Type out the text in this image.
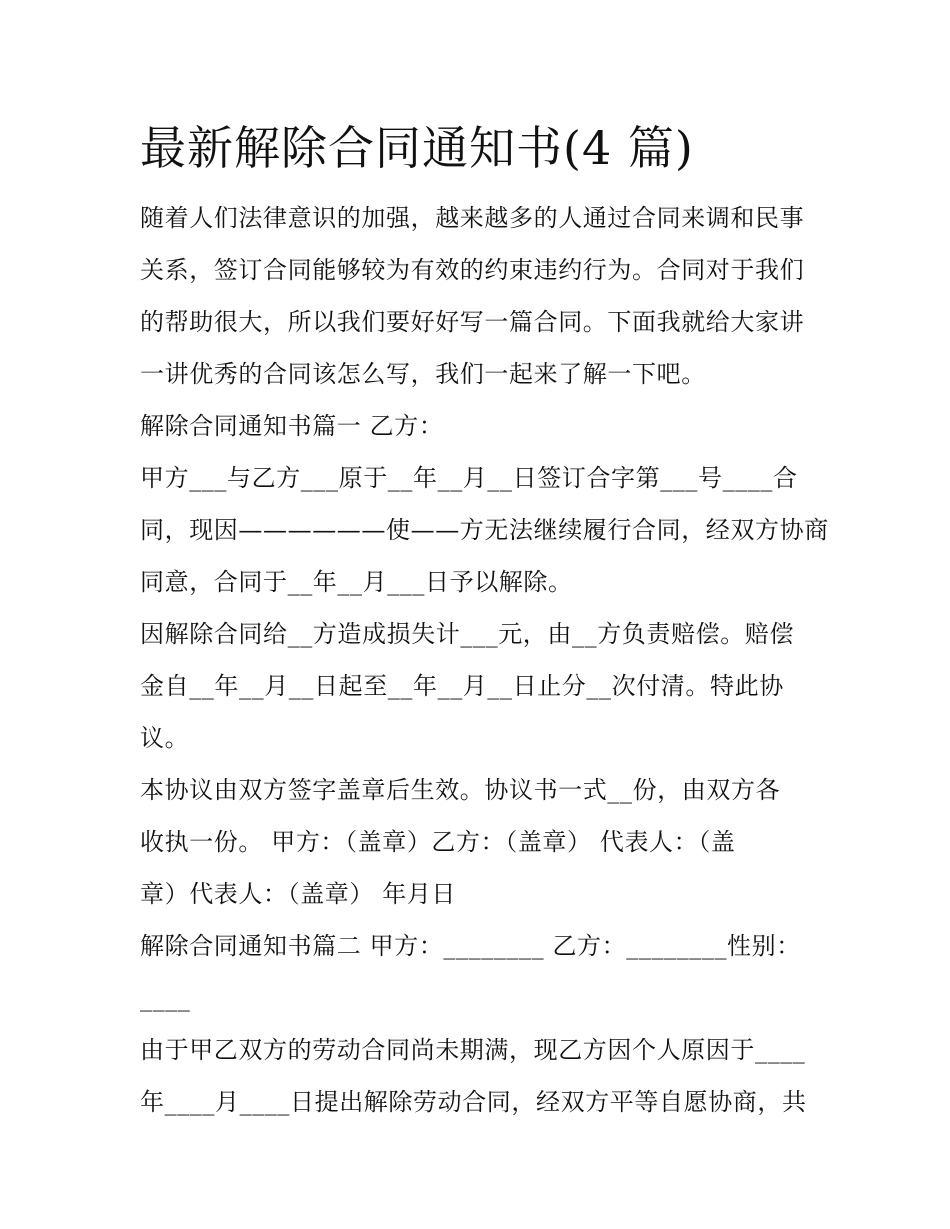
最新解除合同通知书(4 篇)
随着人们法律意识的加强，越来越多的人通过合同来调和民事
关系，签订合同能够较为有效的约束违约行为。合同对于我们
的帮助很大，所以我们要好好写一篇合同。下面我就给大家讲
一讲优秀的合同该怎么写，我们一起来了解一下吧。
解除合同通知书篇一 乙方：
甲方___与乙方___原于__年__月__日签订合字第___号____合
同，现因——————使——方无法继续履行合同，经双方协商
同意，合同于__年__月___日予以解除。
因解除合同给__方造成损失计___元，由__方负责赔偿。赔偿
金自__年__月__日起至__年__月__日止分__次付清。特此协
议。
本协议由双方签字盖章后生效。协议书一式__份，由双方各
收执一份。 甲方：（盖章）乙方：（盖章） 代表人：（盖
章）代表人：（盖章） 年月日
解除合同通知书篇二 甲方：________ 乙方：________性别：
____
由于甲乙双方的劳动合同尚未期满，现乙方因个人原因于____
年____月____日提出解除劳动合同，经双方平等自愿协商，共
